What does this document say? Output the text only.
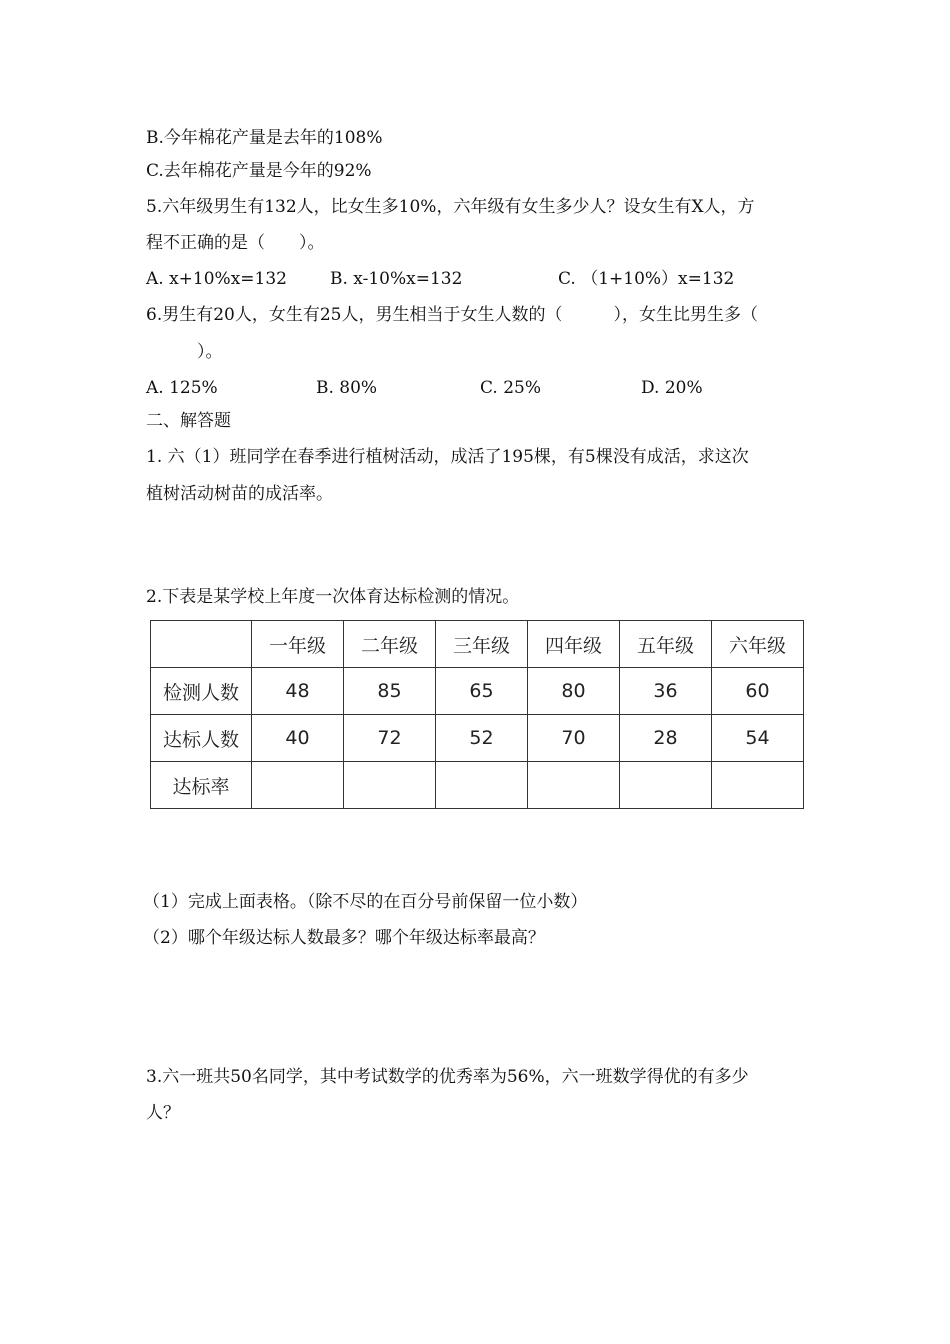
B.今年棉花产量是去年的108%
C.去年棉花产量是今年的92%
5.六年级男生有132人，比女生多10%，六年级有女生多少人？设女生有X人，方
程不正确的是（　　）。
A. x+10%x=132	B. x-10%x=132	C. （1+10%）x=132
6.男生有20人，女生有25人，男生相当于女生人数的（　　　），女生比男生多（
　　　）。
A. 125%	B. 80%	C. 25%	D. 20%
二、解答题
1. 六（1）班同学在春季进行植树活动，成活了195棵，有5棵没有成活，求这次
植树活动树苗的成活率。
2.下表是某学校上年度一次体育达标检测的情况。
	一年级	二年级	三年级	四年级	五年级	六年级
检测人数	48	85	65	80	36	60
达标人数	40	72	52	70	28	54
达标率						
（1）完成上面表格。（除不尽的在百分号前保留一位小数）
（2）哪个年级达标人数最多？哪个年级达标率最高？
3.六一班共50名同学，其中考试数学的优秀率为56%，六一班数学得优的有多少
人？
